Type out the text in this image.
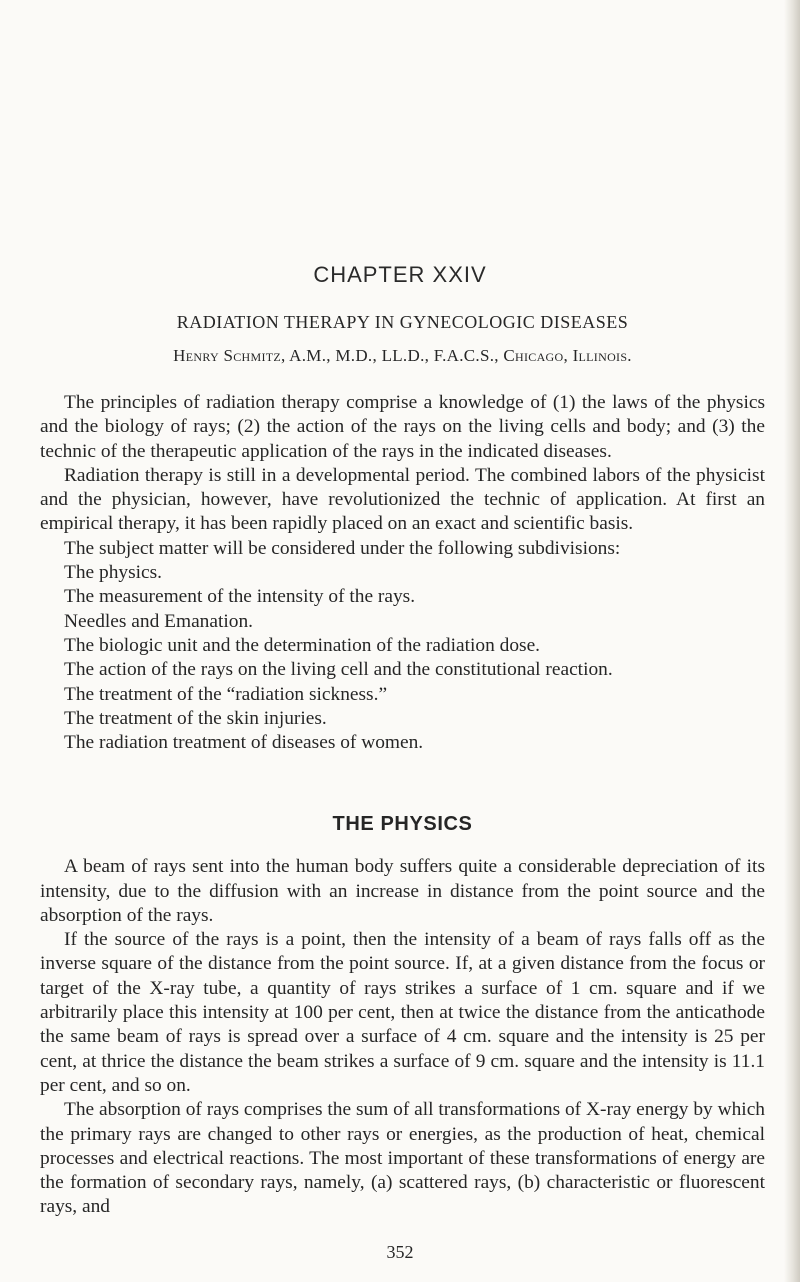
CHAPTER XXIV
RADIATION THERAPY IN GYNECOLOGIC DISEASES
Henry Schmitz, A.M., M.D., LL.D., F.A.C.S., Chicago, Illinois.

The principles of radiation therapy comprise a knowledge of (1) the laws of the physics and the biology of rays; (2) the action of the rays on the living cells and body; and (3) the technic of the therapeutic application of the rays in the indicated diseases.

Radiation therapy is still in a developmental period. The combined labors of the physicist and the physician, however, have revolutionized the technic of application. At first an empirical therapy, it has been rapidly placed on an exact and scientific basis.

The subject matter will be considered under the following subdivisions:

The physics.

The measurement of the intensity of the rays.

Needles and Emanation.

The biologic unit and the determination of the radiation dose.

The action of the rays on the living cell and the constitutional reaction.

The treatment of the “radiation sickness.”

The treatment of the skin injuries.

The radiation treatment of diseases of women.

THE PHYSICS

A beam of rays sent into the human body suffers quite a considerable depreciation of its intensity, due to the diffusion with an increase in distance from the point source and the absorption of the rays.

If the source of the rays is a point, then the intensity of a beam of rays falls off as the inverse square of the distance from the point source. If, at a given distance from the focus or target of the X-ray tube, a quantity of rays strikes a surface of 1 cm. square and if we arbitrarily place this intensity at 100 per cent, then at twice the distance from the anticathode the same beam of rays is spread over a surface of 4 cm. square and the intensity is 25 per cent, at thrice the distance the beam strikes a surface of 9 cm. square and the intensity is 11.1 per cent, and so on.

The absorption of rays comprises the sum of all transformations of X-ray energy by which the primary rays are changed to other rays or energies, as the production of heat, chemical processes and electrical reactions. The most important of these transformations of energy are the formation of secondary rays, namely, (a) scattered rays, (b) characteristic or fluorescent rays, and

352
